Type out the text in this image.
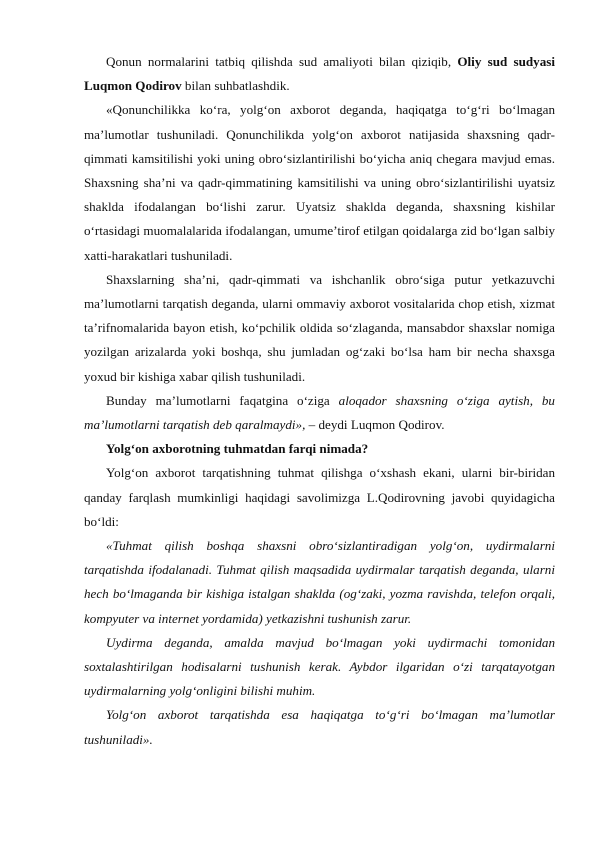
Qonun normalarini tatbiq qilishda sud amaliyoti bilan qiziqib, Oliy sud sudyasi Luqmon Qodirov bilan suhbatlashdik.

«Qonunchilikka ko‘ra, yolg‘on axborot deganda, haqiqatga to‘g‘ri bo‘lmagan ma’lumotlar tushuniladi. Qonunchilikda yolg‘on axborot natijasida shaxsning qadr-qimmati kamsitilishi yoki uning obro‘sizlantirilishi bo‘yicha aniq chegara mavjud emas. Shaxsning sha’ni va qadr-qimmatining kamsitilishi va uning obro‘sizlantirilishi uyatsiz shaklda ifodalangan bo‘lishi zarur. Uyatsiz shaklda deganda, shaxsning kishilar o‘rtasidagi muomalalarida ifodalangan, umume’tirof etilgan qoidalarga zid bo‘lgan salbiy xatti-harakatlari tushuniladi.

Shaxslarning sha’ni, qadr-qimmati va ishchanlik obro‘siga putur yetkazuvchi ma’lumotlarni tarqatish deganda, ularni ommaviy axborot vositalarida chop etish, xizmat ta’rifnomalarida bayon etish, ko‘pchilik oldida so‘zlaganda, mansabdor shaxslar nomiga yozilgan arizalarda yoki boshqa, shu jumladan og‘zaki bo‘lsa ham bir necha shaxsga yoxud bir kishiga xabar qilish tushuniladi.

Bunday ma’lumotlarni faqatgina o‘ziga aloqador shaxsning o‘ziga aytish, bu ma’lumotlarni tarqatish deb qaralmaydi», – deydi Luqmon Qodirov.

Yolg‘on axborotning tuhmatdan farqi nimada?

Yolg‘on axborot tarqatishning tuhmat qilishga o‘xshash ekani, ularni bir-biridan qanday farqlash mumkinligi haqidagi savolimizga L.Qodirovning javobi quyidagicha bo‘ldi:

«Tuhmat qilish boshqa shaxsni obro‘sizlantiradigan yolg‘on, uydirmalarni tarqatishda ifodalanadi. Tuhmat qilish maqsadida uydirmalar tarqatish deganda, ularni hech bo‘lmaganda bir kishiga istalgan shaklda (og‘zaki, yozma ravishda, telefon orqali, kompyuter va internet yordamida) yetkazishni tushunish zarur.

Uydirma deganda, amalda mavjud bo‘lmagan yoki uydirmachi tomonidan soxtalashtirilgan hodisalarni tushunish kerak. Aybdor ilgaridan o‘zi tarqatayotgan uydirmalarning yolg‘onligini bilishi muhim.

Yolg‘on axborot tarqatishda esa haqiqatga to‘g‘ri bo‘lmagan ma’lumotlar tushuniladi».
